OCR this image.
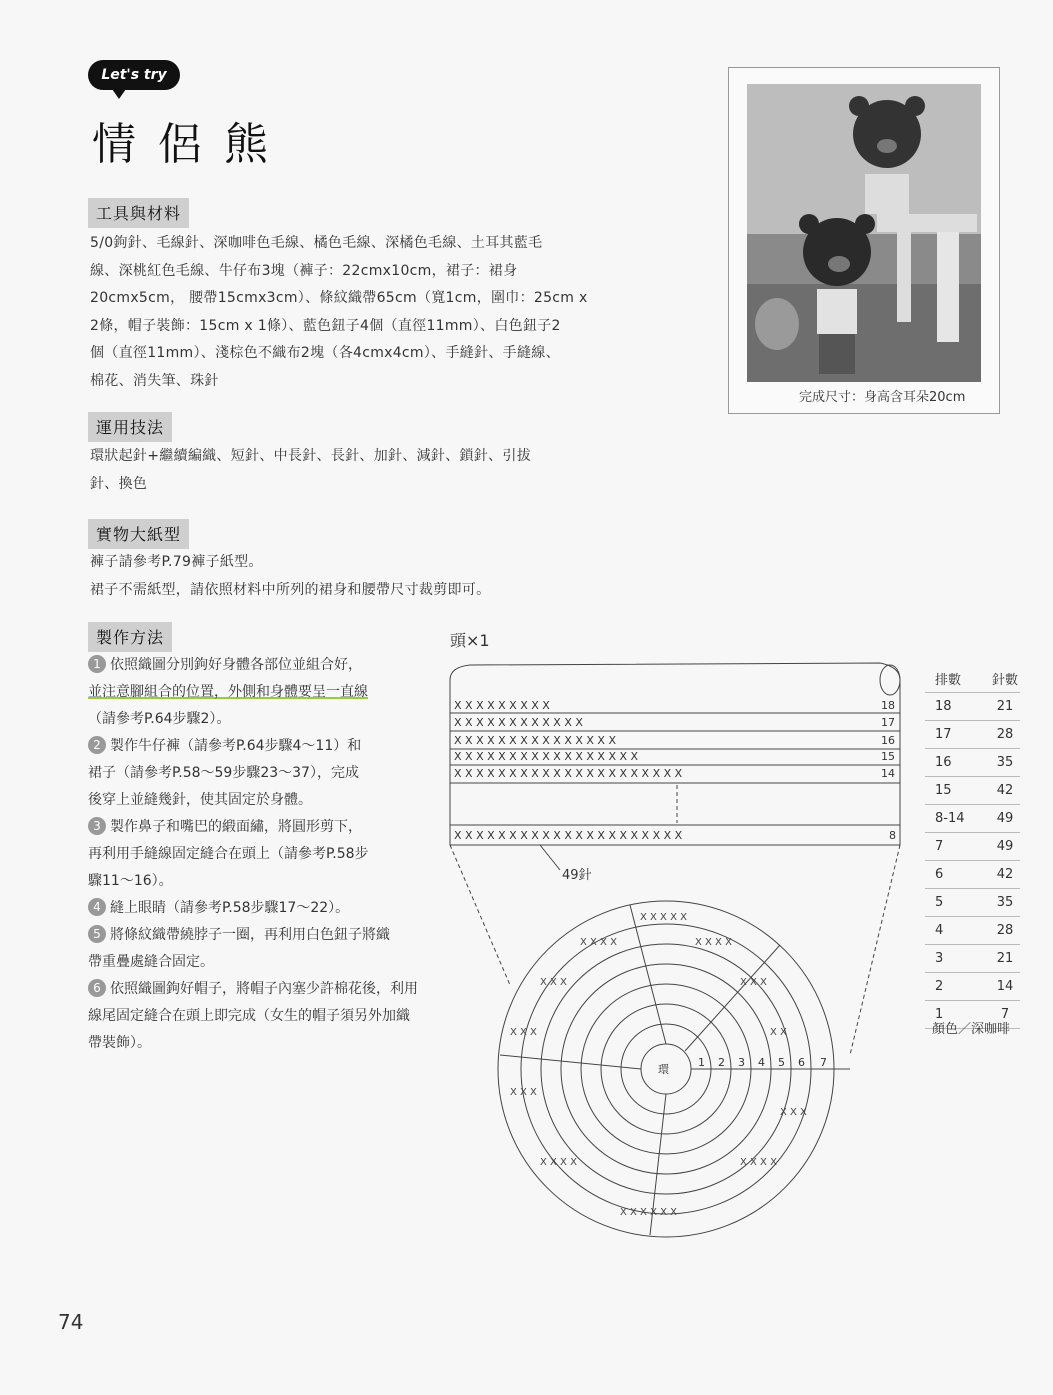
Let's try
情侶熊
完成尺寸：身高含耳朵20cm
工具與材料
5/0鉤針、毛線針、深咖啡色毛線、橘色毛線、深橘色毛線、土耳其藍毛
線、深桃紅色毛線、牛仔布3塊（褲子：22cmx10cm，裙子：裙身
20cmx5cm， 腰帶15cmx3cm）、條紋織帶65cm（寬1cm，圍巾：25cm x
2條，帽子裝飾：15cm x 1條）、藍色鈕子4個（直徑11mm）、白色鈕子2
個（直徑11mm）、淺棕色不織布2塊（各4cmx4cm）、手縫針、手縫線、
棉花、消失筆、珠針
運用技法
環狀起針+繼續編織、短針、中長針、長針、加針、減針、鎖針、引拔
針、換色
實物大紙型
褲子請參考P.79褲子紙型。
裙子不需紙型，請依照材料中所列的裙身和腰帶尺寸裁剪即可。
製作方法
1 依照織圖分別鉤好身體各部位並組合好，
並注意腳組合的位置，外側和身體要呈一直線
（請參考P.64步驟2）。
2 製作牛仔褲（請參考P.64步驟4～11）和
裙子（請參考P.58～59步驟23～37），完成
後穿上並縫幾針，使其固定於身體。
3 製作鼻子和嘴巴的緞面繡，將圓形剪下，
再利用手縫線固定縫合在頭上（請參考P.58步
驟11～16）。
4 縫上眼睛（請參考P.58步驟17～22）。
5 將條紋織帶繞脖子一圈，再利用白色鈕子將織
帶重疊處縫合固定。
6 依照織圖鉤好帽子，將帽子內塞少許棉花後，利用
線尾固定縫合在頭上即完成（女生的帽子須另外加織
帶裝飾）。
頭×1
X X X X X X X X X
X X X X X X X X X X X X
X X X X X X X X X X X X X X X
X X X X X X X X X X X X X X X X X
X X X X X X X X X X X X X X X X X X X X X
X X X X X X X X X X X X X X X X X X X X X
18
17
16
15
14
8
49針
環
1 2 3 4 5 6 7
X X X X X
X X X X	X X X X
X X X	X X X
X X X	X X
X X X
X X X
X X X X	X X X X
X X X X X X
排數	針數
18	21
17	28
16	35
15	42
8-14	49
7	49
6	42
5	35
4	28
3	21
2	14
1	7
顏色／深咖啡
74
